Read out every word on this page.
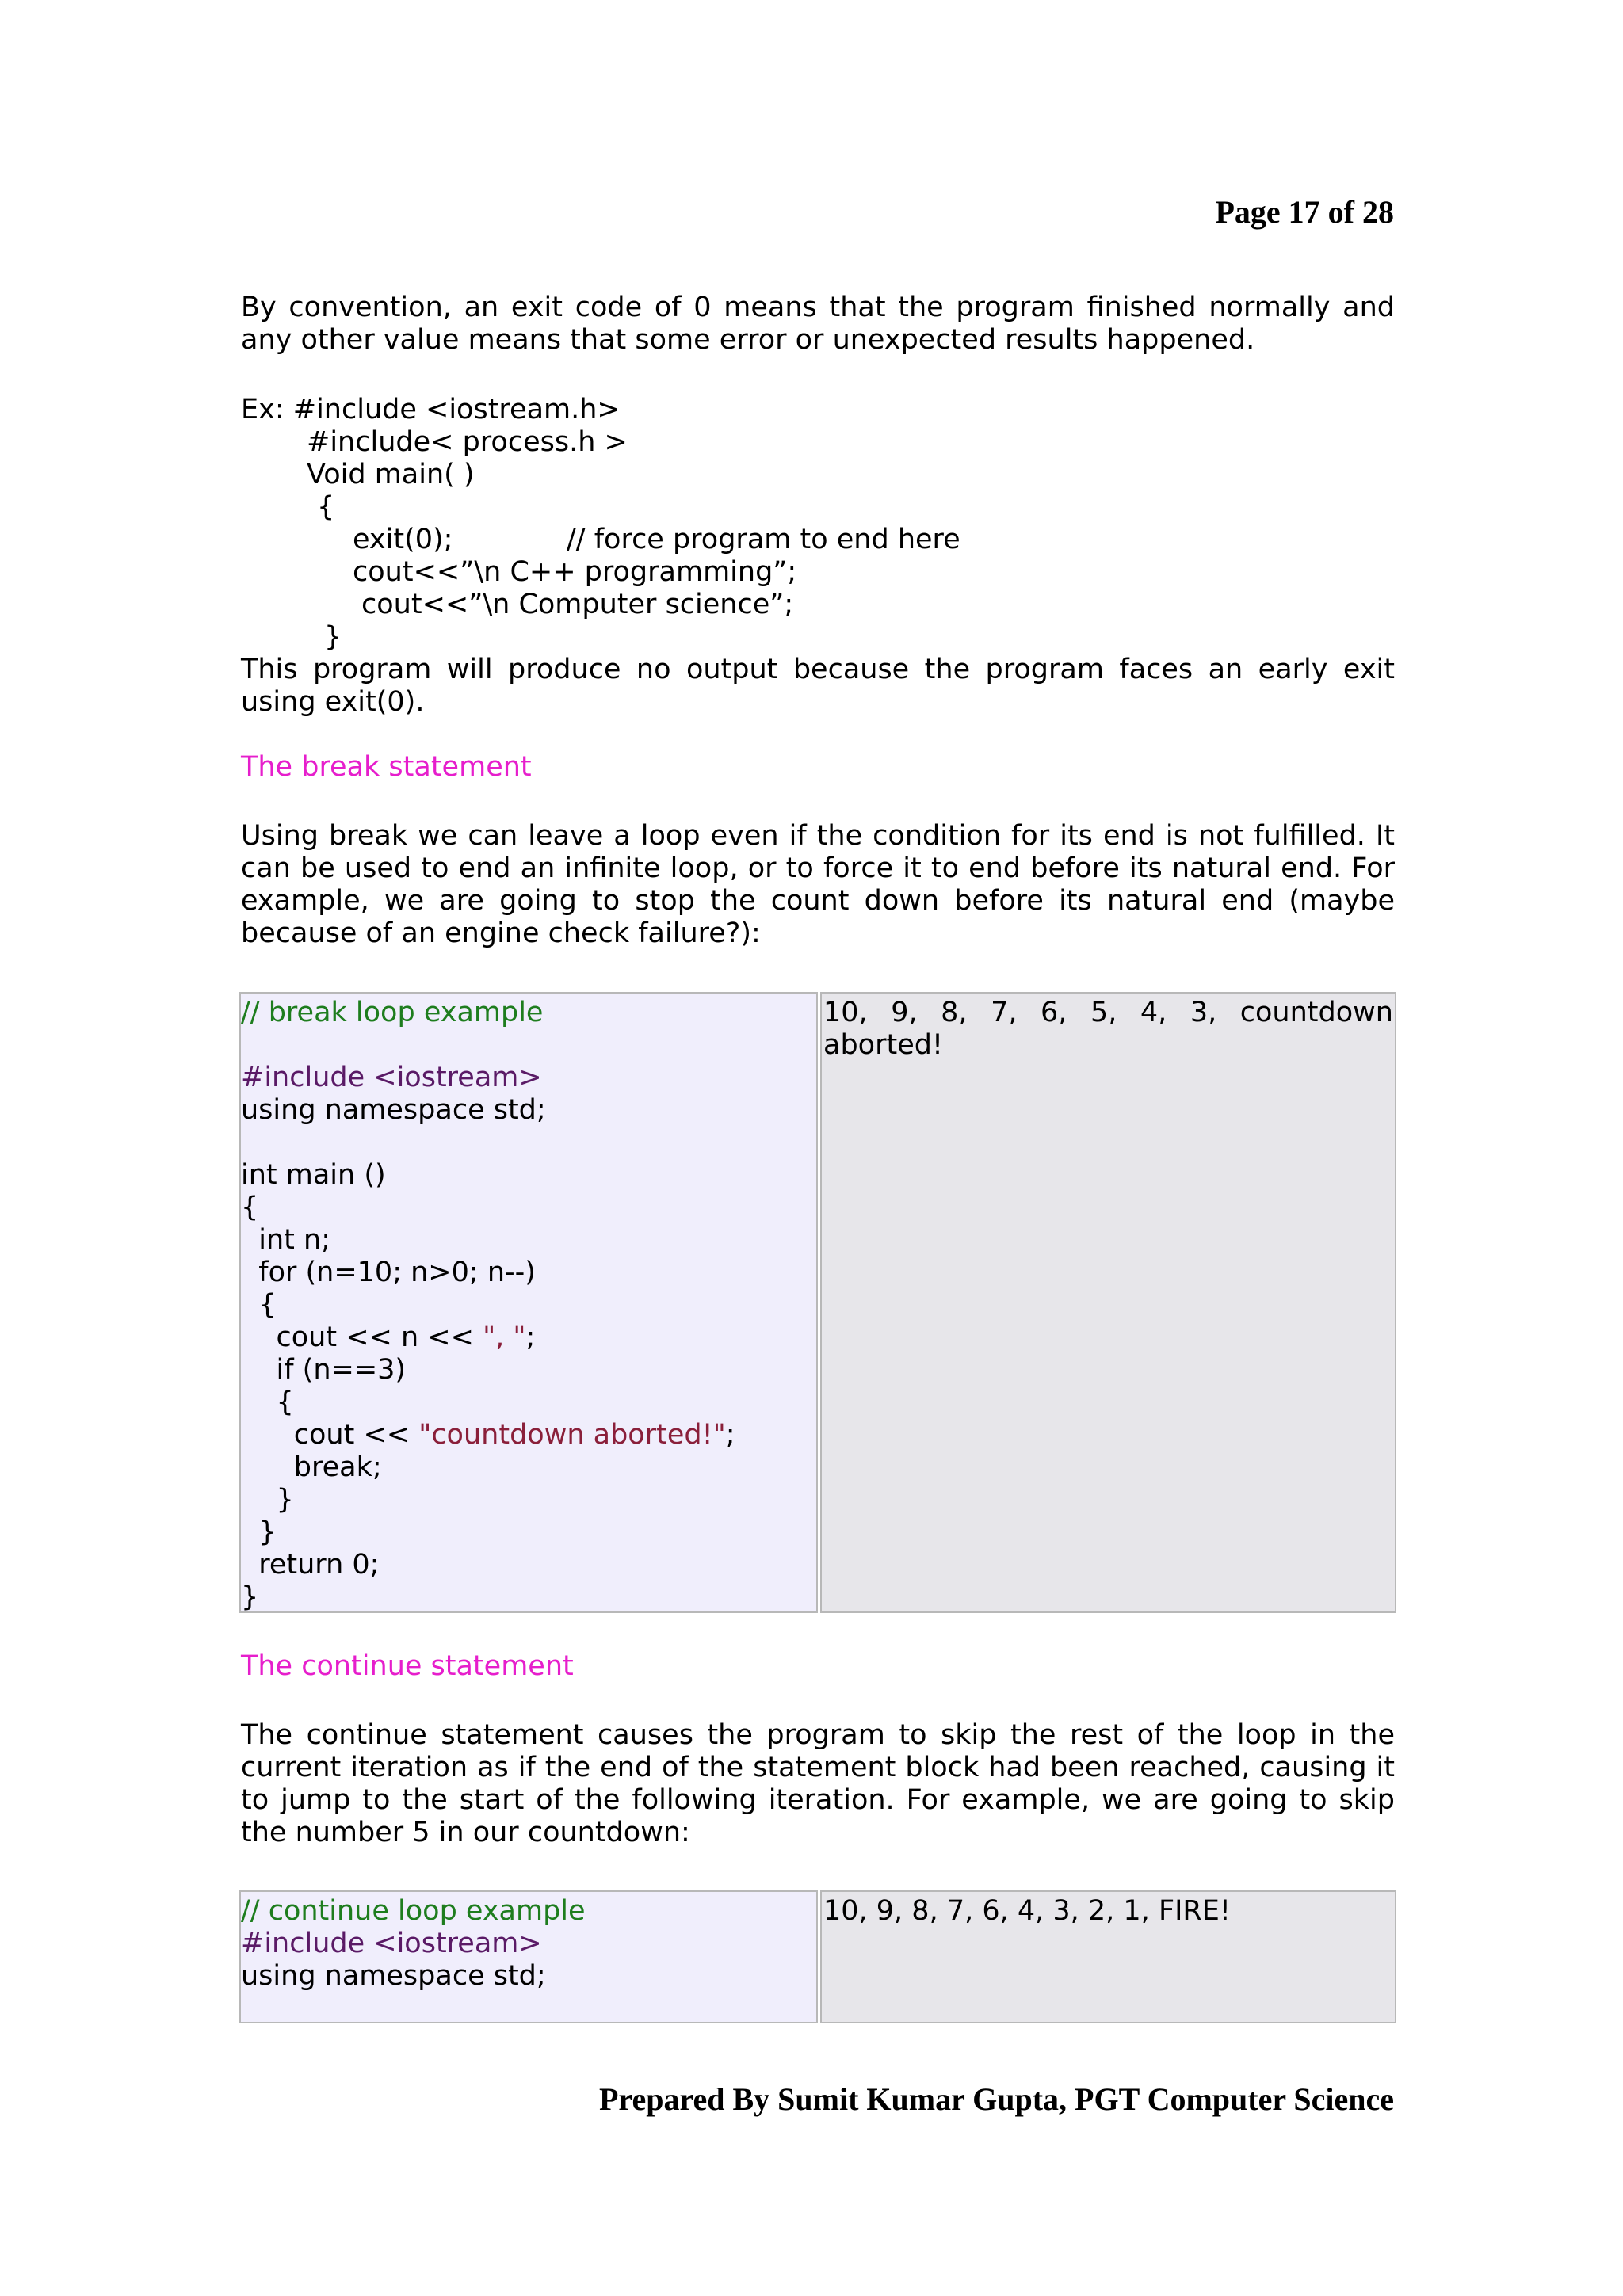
Page 17 of 28

By convention, an exit code of 0 means that the program finished normally and any other value means that some error or unexpected results happened.

Ex: #include <iostream.h>
#include< process.h >
Void main( )
{
exit(0);	// force program to end here
cout<<”\n C++ programming”;
cout<<”\n Computer science”;
}

This program will produce no output because the program faces an early exit using exit(0).

The break statement

Using break we can leave a loop even if the condition for its end is not fulfilled. It can be used to end an infinite loop, or to force it to end before its natural end. For example, we are going to stop the count down before its natural end (maybe because of an engine check failure?):

// break loop example
#include <iostream>
using namespace std;
int main ()
{
int n;
for (n=10; n>0; n--)
{
cout << n << ", ";
if (n==3)
{
cout << "countdown aborted!";
break;
}
}
return 0;
}
10, 9, 8, 7, 6, 5, 4, 3, countdown
aborted!
The continue statement

The continue statement causes the program to skip the rest of the loop in the current iteration as if the end of the statement block had been reached, causing it to jump to the start of the following iteration. For example, we are going to skip the number 5 in our countdown:

// continue loop example
#include <iostream>
using namespace std;
10, 9, 8, 7, 6, 4, 3, 2, 1, FIRE!
Prepared By Sumit Kumar Gupta, PGT Computer Science
